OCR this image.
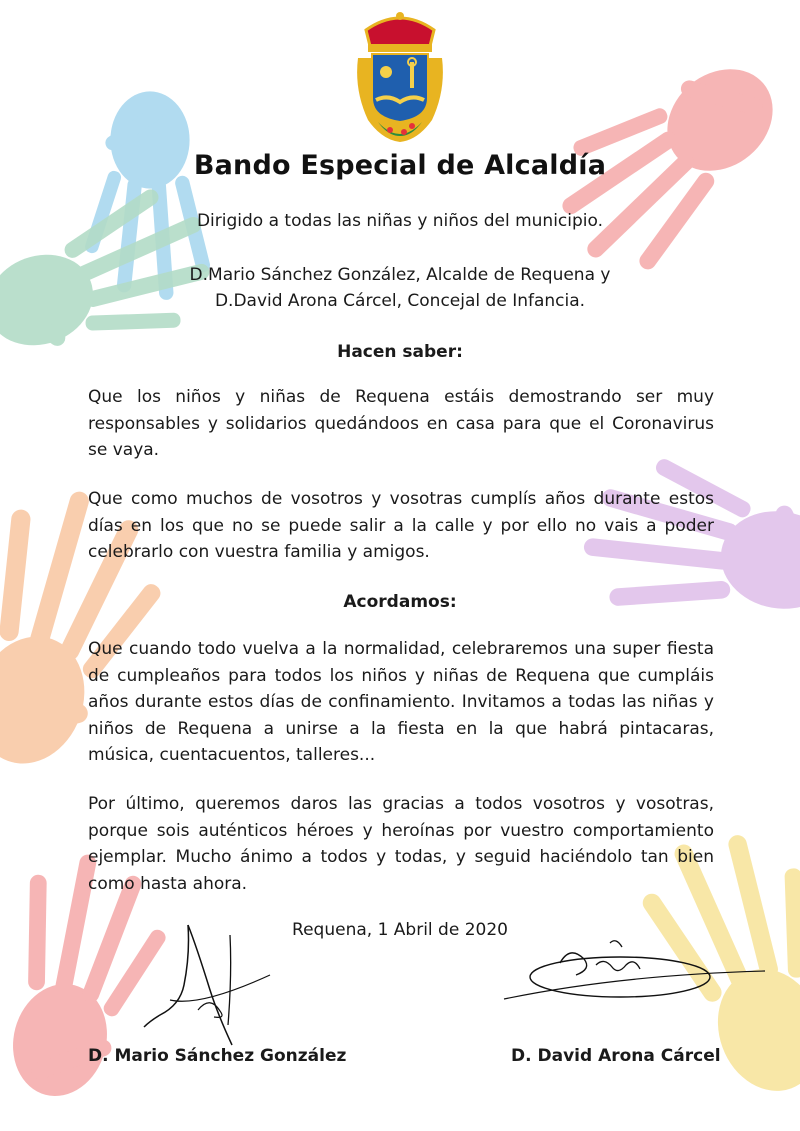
Bando Especial de Alcaldía
Dirigido a todas las niñas y niños del municipio.
D.Mario Sánchez González, Alcalde de Requena y
D.David Arona Cárcel, Concejal de Infancia.
Hacen saber:
Que los niños y niñas de Requena estáis demostrando ser muy responsables y solidarios quedándoos en casa para que el Coronavirus se vaya.
Que como muchos de vosotros y vosotras cumplís años durante estos días en los que no se puede salir a la calle y por ello no vais a poder celebrarlo con vuestra familia y amigos.
Acordamos:
Que cuando todo vuelva a la normalidad, celebraremos una super fiesta de cumpleaños para todos los niños y niñas de Requena que cumpláis años durante estos días de confinamiento. Invitamos a todas las niñas y niños de Requena a unirse a la fiesta en la que habrá pintacaras, música, cuentacuentos, talleres...
Por último, queremos daros las gracias a todos vosotros y vosotras, porque sois auténticos héroes y heroínas por vuestro comportamiento ejemplar. Mucho ánimo a todos y todas, y seguid haciéndolo tan bien como hasta ahora.
Requena, 1 Abril de 2020
D. Mario Sánchez González	D. David Arona Cárcel
